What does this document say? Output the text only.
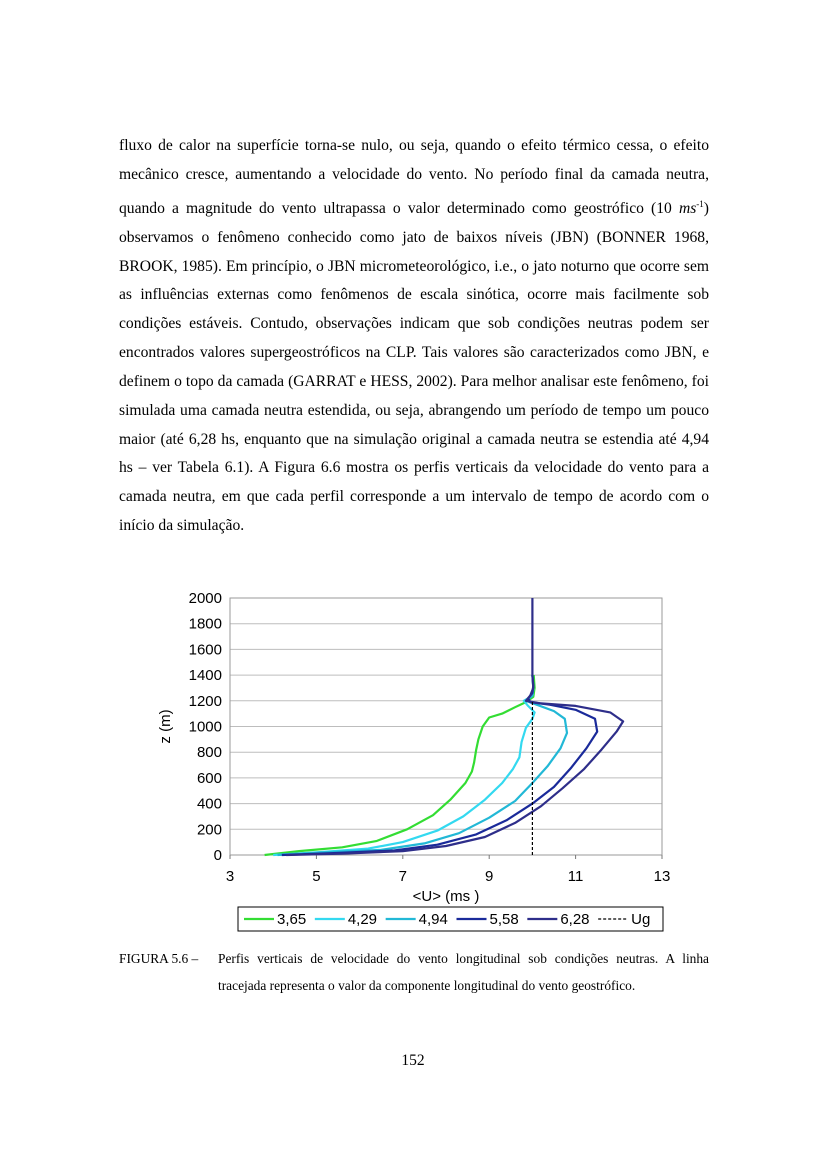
fluxo de calor na superfície torna-se nulo, ou seja, quando o efeito térmico cessa, o efeito mecânico cresce, aumentando a velocidade do vento. No período final da camada neutra, quando a magnitude do vento ultrapassa o valor determinado como geostrófico (10 $ms^{-1}$) observamos o fenômeno conhecido como jato de baixos níveis (JBN) (BONNER 1968, BROOK, 1985). Em princípio, o JBN micrometeorológico, i.e., o jato noturno que ocorre sem as influências externas como fenômenos de escala sinótica, ocorre mais facilmente sob condições estáveis. Contudo, observações indicam que sob condições neutras podem ser encontrados valores supergeostróficos na CLP. Tais valores são caracterizados como JBN, e definem o topo da camada (GARRAT e HESS, 2002). Para melhor analisar este fenômeno, foi simulada uma camada neutra estendida, ou seja, abrangendo um período de tempo um pouco maior (até 6,28 hs, enquanto que na simulação original a camada neutra se estendia até 4,94 hs – ver Tabela 6.1). A Figura 6.6 mostra os perfis verticais da velocidade do vento para a camada neutra, em que cada perfil corresponde a um intervalo de tempo de acordo com o início da simulação.

0
200
400
600
800
1000
1200
1400
1600
1800
2000
3	5	7	9	11	13
<U> (ms )
z (m)
3,65	4,29	4,94	5,58	6,28	Ug
FIGURA 5.6 –	Perfis verticais de velocidade do vento longitudinal sob condições neutras. A linha tracejada representa o valor da componente longitudinal do vento geostrófico.
152
